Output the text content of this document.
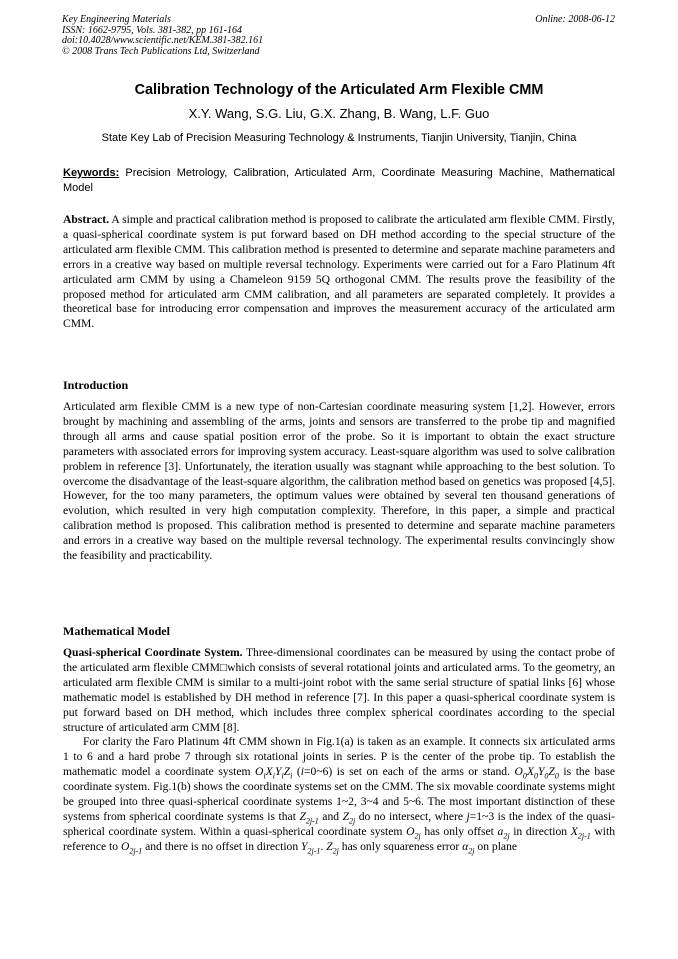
Key Engineering Materials
ISSN: 1662-9795, Vols. 381-382, pp 161-164
doi:10.4028/www.scientific.net/KEM.381-382.161
© 2008 Trans Tech Publications Ltd, Switzerland
Online: 2008-06-12
Calibration Technology of the Articulated Arm Flexible CMM
X.Y. Wang, S.G. Liu, G.X. Zhang, B. Wang, L.F. Guo
State Key Lab of Precision Measuring Technology & Instruments, Tianjin University, Tianjin, China
Keywords: Precision Metrology, Calibration, Articulated Arm, Coordinate Measuring Machine, Mathematical Model

Abstract. A simple and practical calibration method is proposed to calibrate the articulated arm flexible CMM. Firstly, a quasi-spherical coordinate system is put forward based on DH method according to the special structure of the articulated arm flexible CMM. This calibration method is presented to determine and separate machine parameters and errors in a creative way based on multiple reversal technology. Experiments were carried out for a Faro Platinum 4ft articulated arm CMM by using a Chameleon 9159 5Q orthogonal CMM. The results prove the feasibility of the proposed method for articulated arm CMM calibration, and all parameters are separated completely. It provides a theoretical base for introducing error compensation and improves the measurement accuracy of the articulated arm CMM.

Introduction

Articulated arm flexible CMM is a new type of non-Cartesian coordinate measuring system [1,2]. However, errors brought by machining and assembling of the arms, joints and sensors are transferred to the probe tip and magnified through all arms and cause spatial position error of the probe. So it is important to obtain the exact structure parameters with associated errors for improving system accuracy. Least-square algorithm was used to solve calibration problem in reference [3]. Unfortunately, the iteration usually was stagnant while approaching to the best solution. To overcome the disadvantage of the least-square algorithm, the calibration method based on genetics was proposed [4,5]. However, for the too many parameters, the optimum values were obtained by several ten thousand generations of evolution, which resulted in very high computation complexity. Therefore, in this paper, a simple and practical calibration method is proposed. This calibration method is presented to determine and separate machine parameters and errors in a creative way based on the multiple reversal technology. The experimental results convincingly show the feasibility and practicability.

Mathematical Model

Quasi-spherical Coordinate System. Three-dimensional coordinates can be measured by using the contact probe of the articulated arm flexible CMM□which consists of several rotational joints and articulated arms. To the geometry, an articulated arm flexible CMM is similar to a multi-joint robot with the same serial structure of spatial links [6] whose mathematic model is established by DH method in reference [7]. In this paper a quasi-spherical coordinate system is put forward based on DH method, which includes three complex spherical coordinates according to the special structure of articulated arm CMM [8].

For clarity the Faro Platinum 4ft CMM shown in Fig.1(a) is taken as an example. It connects six articulated arms 1 to 6 and a hard probe 7 through six rotational joints in series. P is the center of the probe tip. To establish the mathematic model a coordinate system $O_iX_iY_iZ_i$ (i=0~6) is set on each of the arms or stand. $O_0X_0Y_0Z_0$ is the base coordinate system. Fig.1(b) shows the coordinate systems set on the CMM. The six movable coordinate systems might be grouped into three quasi-spherical coordinate systems 1~2, 3~4 and 5~6. The most important distinction of these systems from spherical coordinate systems is that $Z_{2j-1}$ and $Z_{2j}$ do no intersect, where j=1~3 is the index of the quasi-spherical coordinate system. Within a quasi-spherical coordinate system $O_{2j}$ has only offset $a_{2j}$ in direction $X_{2j-1}$ with reference to $O_{2j-1}$ and there is no offset in direction $Y_{2j-1}$. $Z_{2j}$ has only squareness error $\alpha_{2j}$ on plane
